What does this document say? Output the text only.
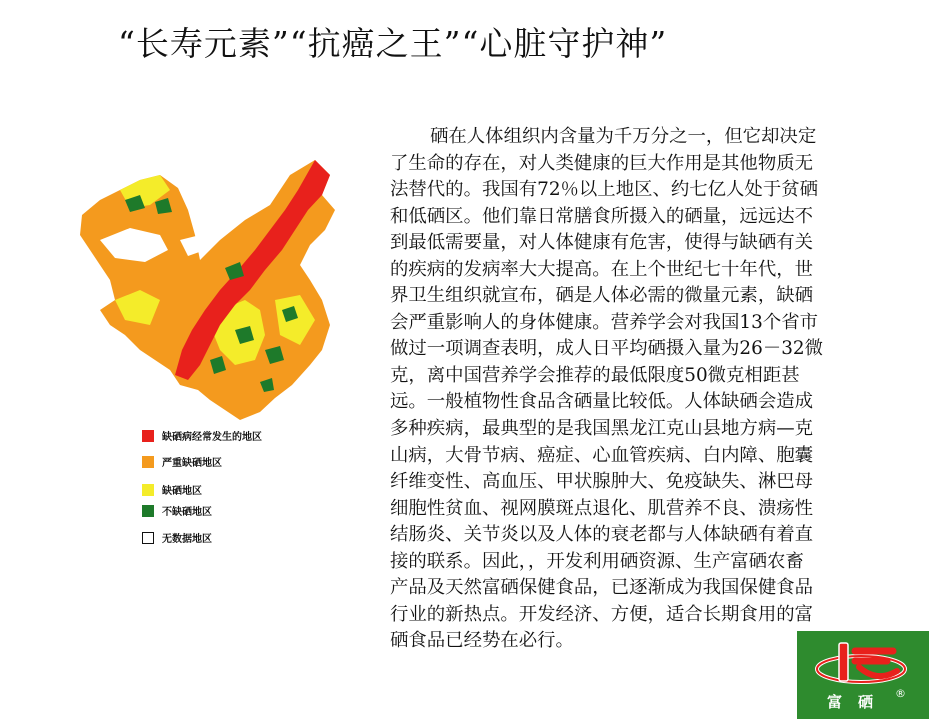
“长寿元素”“抗癌之王”“心脏守护神”
缺硒病经常发生的地区
严重缺硒地区
缺硒地区
不缺硒地区
无数据地区
硒在人体组织内含量为千万分之一，但它却决定
了生命的存在，对人类健康的巨大作用是其他物质无
法替代的。我国有72％以上地区、约七亿人处于贫硒
和低硒区。他们靠日常膳食所摄入的硒量，远远达不
到最低需要量，对人体健康有危害，使得与缺硒有关
的疾病的发病率大大提高。在上个世纪七十年代，世
界卫生组织就宣布，硒是人体必需的微量元素，缺硒
会严重影响人的身体健康。营养学会对我国13个省市
做过一项调查表明，成人日平均硒摄入量为26－32微
克，离中国营养学会推荐的最低限度50微克相距甚
远。一般植物性食品含硒量比较低。人体缺硒会造成
多种疾病，最典型的是我国黑龙江克山县地方病—克
山病，大骨节病、癌症、心血管疾病、白内障、胞囊
纤维变性、高血压、甲状腺肿大、免疫缺失、淋巴母
细胞性贫血、视网膜斑点退化、肌营养不良、溃疡性
结肠炎、关节炎以及人体的衰老都与人体缺硒有着直
接的联系。因此，，开发利用硒资源、生产富硒农畜
产品及天然富硒保健食品，已逐渐成为我国保健食品
行业的新热点。开发经济、方便，适合长期食用的富
硒食品已经势在必行。
富硒 ®
